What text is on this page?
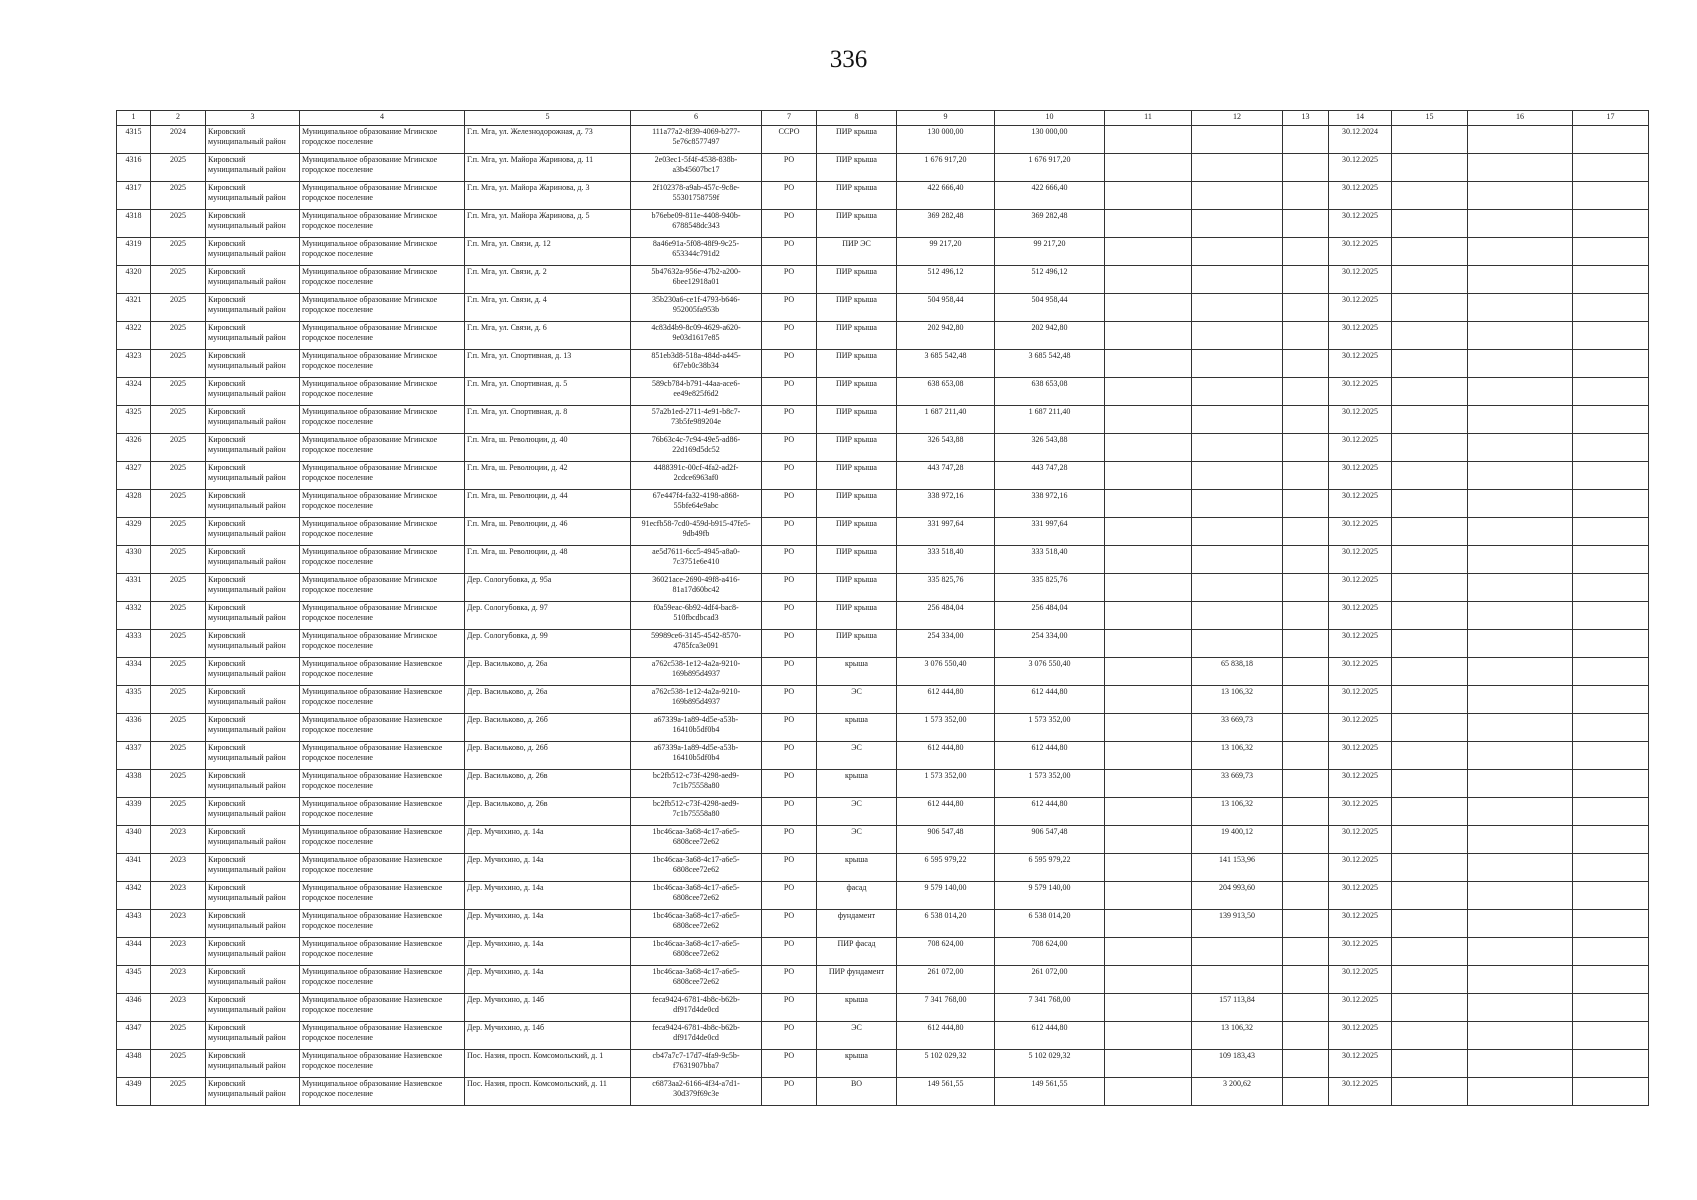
336
1	2	3	4	5	6	7	8	9	10	11	12	13	14	15	16	17
4315	2024	Кировский муниципальный район	Муниципальное образование Мгинское городское поселение	Г.п. Мга, ул. Железнодорожная, д. 73	111a77a2-8f39-4069-b277-5e76c8577497	ССРО	ПИР крыша	130 000,00	130 000,00				30.12.2024			
4316	2025	Кировский муниципальный район	Муниципальное образование Мгинское городское поселение	Г.п. Мга, ул. Майора Жаринова, д. 11	2e03ec1-5f4f-4538-838b-a3b45607bc17	РО	ПИР крыша	1 676 917,20	1 676 917,20				30.12.2025			
4317	2025	Кировский муниципальный район	Муниципальное образование Мгинское городское поселение	Г.п. Мга, ул. Майора Жаринова, д. 3	2f102378-a9ab-457c-9c8e-55301758759f	РО	ПИР крыша	422 666,40	422 666,40				30.12.2025			
4318	2025	Кировский муниципальный район	Муниципальное образование Мгинское городское поселение	Г.п. Мга, ул. Майора Жаринова, д. 5	b76ebe09-811e-4408-940b-6788548dc343	РО	ПИР крыша	369 282,48	369 282,48				30.12.2025			
4319	2025	Кировский муниципальный район	Муниципальное образование Мгинское городское поселение	Г.п. Мга, ул. Связи, д. 12	8a46e91a-5f08-48f9-9c25-653344c791d2	РО	ПИР ЭС	99 217,20	99 217,20				30.12.2025			
4320	2025	Кировский муниципальный район	Муниципальное образование Мгинское городское поселение	Г.п. Мга, ул. Связи, д. 2	5b47632a-956e-47b2-a200-6bee12918a01	РО	ПИР крыша	512 496,12	512 496,12				30.12.2025			
4321	2025	Кировский муниципальный район	Муниципальное образование Мгинское городское поселение	Г.п. Мга, ул. Связи, д. 4	35b230a6-ce1f-4793-b646-952005fa953b	РО	ПИР крыша	504 958,44	504 958,44				30.12.2025			
4322	2025	Кировский муниципальный район	Муниципальное образование Мгинское городское поселение	Г.п. Мга, ул. Связи, д. 6	4c83d4b9-8c09-4629-a620-9e03d1617e85	РО	ПИР крыша	202 942,80	202 942,80				30.12.2025			
4323	2025	Кировский муниципальный район	Муниципальное образование Мгинское городское поселение	Г.п. Мга, ул. Спортивная, д. 13	851eb3d8-518a-484d-a445-6f7eb0c38b34	РО	ПИР крыша	3 685 542,48	3 685 542,48				30.12.2025			
4324	2025	Кировский муниципальный район	Муниципальное образование Мгинское городское поселение	Г.п. Мга, ул. Спортивная, д. 5	589cb784-b791-44aa-ace6-ee49e825f6d2	РО	ПИР крыша	638 653,08	638 653,08				30.12.2025			
4325	2025	Кировский муниципальный район	Муниципальное образование Мгинское городское поселение	Г.п. Мга, ул. Спортивная, д. 8	57a2b1ed-2711-4e91-b8c7-73b5fe989204e	РО	ПИР крыша	1 687 211,40	1 687 211,40				30.12.2025			
4326	2025	Кировский муниципальный район	Муниципальное образование Мгинское городское поселение	Г.п. Мга, ш. Революции, д. 40	76b63c4c-7c94-49e5-ad86-22d169d5dc52	РО	ПИР крыша	326 543,88	326 543,88				30.12.2025			
4327	2025	Кировский муниципальный район	Муниципальное образование Мгинское городское поселение	Г.п. Мга, ш. Революции, д. 42	4488391c-00cf-4fa2-ad2f-2cdce6963af0	РО	ПИР крыша	443 747,28	443 747,28				30.12.2025			
4328	2025	Кировский муниципальный район	Муниципальное образование Мгинское городское поселение	Г.п. Мга, ш. Революции, д. 44	67e447f4-fa32-4198-a868-55bfe64e9abc	РО	ПИР крыша	338 972,16	338 972,16				30.12.2025			
4329	2025	Кировский муниципальный район	Муниципальное образование Мгинское городское поселение	Г.п. Мга, ш. Революции, д. 46	91ecfb58-7cd0-459d-b915-47fe5-9db49fb	РО	ПИР крыша	331 997,64	331 997,64				30.12.2025			
4330	2025	Кировский муниципальный район	Муниципальное образование Мгинское городское поселение	Г.п. Мга, ш. Революции, д. 48	ae5d7611-6cc5-4945-a8a0-7c3751e6e410	РО	ПИР крыша	333 518,40	333 518,40				30.12.2025			
4331	2025	Кировский муниципальный район	Муниципальное образование Мгинское городское поселение	Дер. Сологубовка, д. 95а	36021ace-2690-49f8-a416-81a17d60bc42	РО	ПИР крыша	335 825,76	335 825,76				30.12.2025			
4332	2025	Кировский муниципальный район	Муниципальное образование Мгинское городское поселение	Дер. Сологубовка, д. 97	f0a59eac-6b92-4df4-bac8-510fbcdbcad3	РО	ПИР крыша	256 484,04	256 484,04				30.12.2025			
4333	2025	Кировский муниципальный район	Муниципальное образование Мгинское городское поселение	Дер. Сологубовка, д. 99	59989ce6-3145-4542-8570-4785fca3e091	РО	ПИР крыша	254 334,00	254 334,00				30.12.2025			
4334	2025	Кировский муниципальный район	Муниципальное образование Назиевское городское поселение	Дер. Васильково, д. 26а	a762c538-1e12-4a2a-9210-169b895d4937	РО	крыша	3 076 550,40	3 076 550,40		65 838,18		30.12.2025			
4335	2025	Кировский муниципальный район	Муниципальное образование Назиевское городское поселение	Дер. Васильково, д. 26а	a762c538-1e12-4a2a-9210-169b895d4937	РО	ЭС	612 444,80	612 444,80		13 106,32		30.12.2025			
4336	2025	Кировский муниципальный район	Муниципальное образование Назиевское городское поселение	Дер. Васильково, д. 26б	a67339a-1a89-4d5e-a53b-16410b5df0b4	РО	крыша	1 573 352,00	1 573 352,00		33 669,73		30.12.2025			
4337	2025	Кировский муниципальный район	Муниципальное образование Назиевское городское поселение	Дер. Васильково, д. 26б	a67339a-1a89-4d5e-a53b-16410b5df0b4	РО	ЭС	612 444,80	612 444,80		13 106,32		30.12.2025			
4338	2025	Кировский муниципальный район	Муниципальное образование Назиевское городское поселение	Дер. Васильково, д. 26в	bc2fb512-c73f-4298-aed9-7c1b75558a80	РО	крыша	1 573 352,00	1 573 352,00		33 669,73		30.12.2025			
4339	2025	Кировский муниципальный район	Муниципальное образование Назиевское городское поселение	Дер. Васильково, д. 26в	bc2fb512-c73f-4298-aed9-7c1b75558a80	РО	ЭС	612 444,80	612 444,80		13 106,32		30.12.2025			
4340	2023	Кировский муниципальный район	Муниципальное образование Назиевское городское поселение	Дер. Мучихино, д. 14а	1bc46caa-3a68-4c17-a6e5-6808cee72e62	РО	ЭС	906 547,48	906 547,48		19 400,12		30.12.2025			
4341	2023	Кировский муниципальный район	Муниципальное образование Назиевское городское поселение	Дер. Мучихино, д. 14а	1bc46caa-3a68-4c17-a6e5-6808cee72e62	РО	крыша	6 595 979,22	6 595 979,22		141 153,96		30.12.2025			
4342	2023	Кировский муниципальный район	Муниципальное образование Назиевское городское поселение	Дер. Мучихино, д. 14а	1bc46caa-3a68-4c17-a6e5-6808cee72e62	РО	фасад	9 579 140,00	9 579 140,00		204 993,60		30.12.2025			
4343	2023	Кировский муниципальный район	Муниципальное образование Назиевское городское поселение	Дер. Мучихино, д. 14а	1bc46caa-3a68-4c17-a6e5-6808cee72e62	РО	фундамент	6 538 014,20	6 538 014,20		139 913,50		30.12.2025			
4344	2023	Кировский муниципальный район	Муниципальное образование Назиевское городское поселение	Дер. Мучихино, д. 14а	1bc46caa-3a68-4c17-a6e5-6808cee72e62	РО	ПИР фасад	708 624,00	708 624,00				30.12.2025			
4345	2023	Кировский муниципальный район	Муниципальное образование Назиевское городское поселение	Дер. Мучихино, д. 14а	1bc46caa-3a68-4c17-a6e5-6808cee72e62	РО	ПИР фундамент	261 072,00	261 072,00				30.12.2025			
4346	2023	Кировский муниципальный район	Муниципальное образование Назиевское городское поселение	Дер. Мучихино, д. 14б	feca9424-6781-4b8c-b62b-df917d4de0cd	РО	крыша	7 341 768,00	7 341 768,00		157 113,84		30.12.2025			
4347	2025	Кировский муниципальный район	Муниципальное образование Назиевское городское поселение	Дер. Мучихино, д. 14б	feca9424-6781-4b8c-b62b-df917d4de0cd	РО	ЭС	612 444,80	612 444,80		13 106,32		30.12.2025			
4348	2025	Кировский муниципальный район	Муниципальное образование Назиевское городское поселение	Пос. Назия, просп. Комсомольский, д. 1	cb47a7c7-17d7-4fa9-9c5b-f7631907bba7	РО	крыша	5 102 029,32	5 102 029,32		109 183,43		30.12.2025			
4349	2025	Кировский муниципальный район	Муниципальное образование Назиевское городское поселение	Пос. Назия, просп. Комсомольский, д. 11	c6873aa2-6166-4f34-a7d1-30d379f69c3e	РО	ВО	149 561,55	149 561,55		3 200,62		30.12.2025			
